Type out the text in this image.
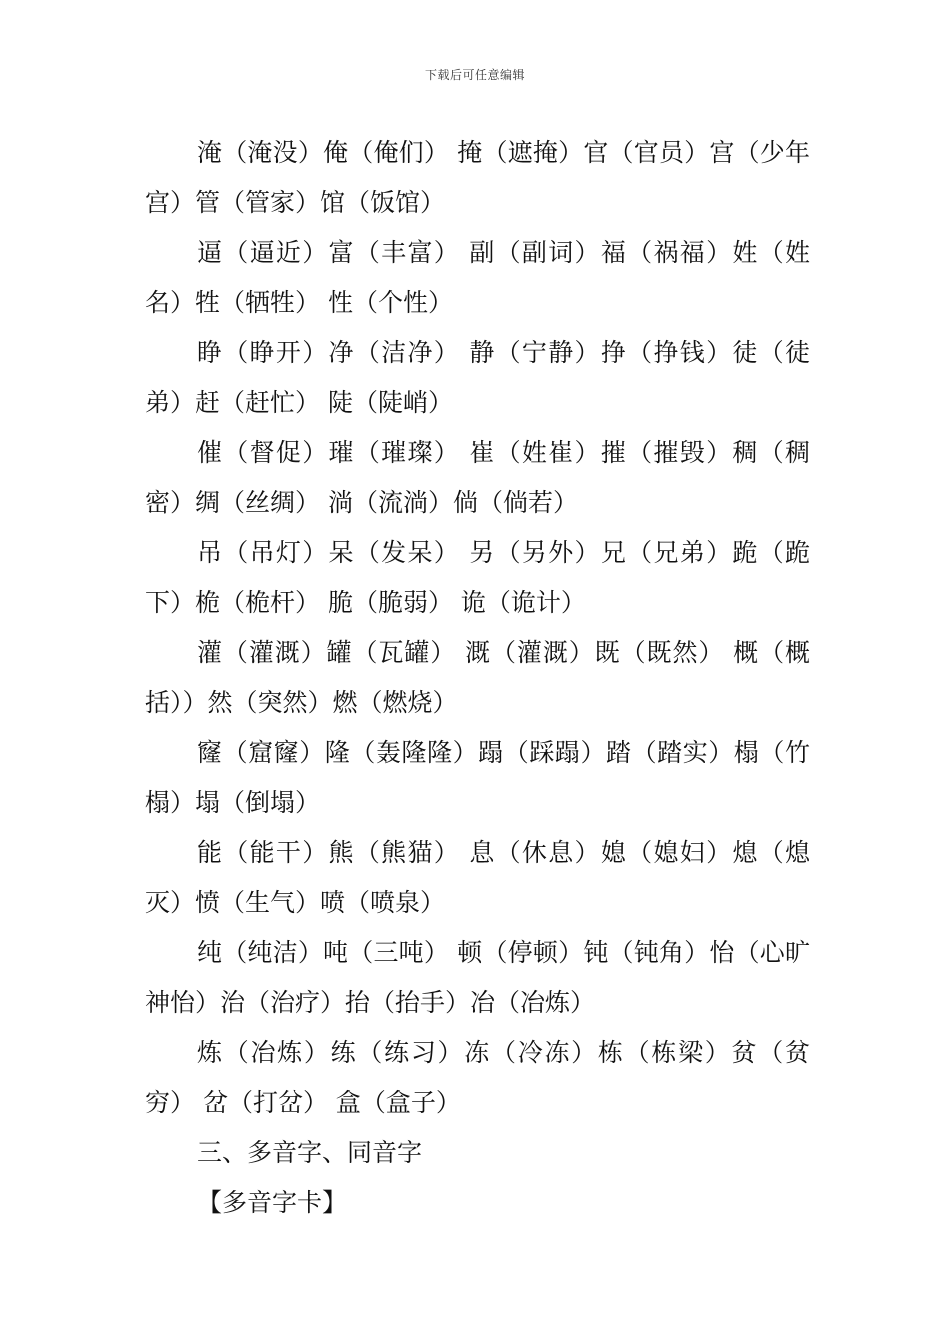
下载后可任意编辑

淹（淹没）俺（俺们） 掩（遮掩）官（官员）宫（少年宫）管（管家）馆（饭馆）

逼（逼近）富（丰富） 副（副词）福（祸福）姓（姓名）牲（牺牲） 性（个性）

睁（睁开）净（洁净） 静（宁静）挣（挣钱）徒（徒弟）赶（赶忙） 陡（陡峭）

催（督促）璀（璀璨） 崔（姓崔）摧（摧毁）稠（稠密）绸（丝绸） 淌（流淌）倘（倘若）

吊（吊灯）呆（发呆） 另（另外）兄（兄弟）跪（跪下）桅（桅杆） 脆（脆弱） 诡（诡计）

灌（灌溉）罐（瓦罐） 溉（灌溉）既（既然） 概（概括））然（突然）燃（燃烧）

窿（窟窿）隆（轰隆隆）蹋（踩蹋）踏（踏实）榻（竹榻）塌（倒塌）

能（能干）熊（熊猫） 息（休息）媳（媳妇）熄（熄灭）愤（生气）喷（喷泉）

纯（纯洁）吨（三吨） 顿（停顿）钝（钝角）怡（心旷神怡）治（治疗）抬（抬手）冶（冶炼）

炼（冶炼）练（练习）冻（冷冻）栋（栋梁）贫（贫穷） 岔（打岔） 盒（盒子）

三、多音字、同音字

【多音字卡】
